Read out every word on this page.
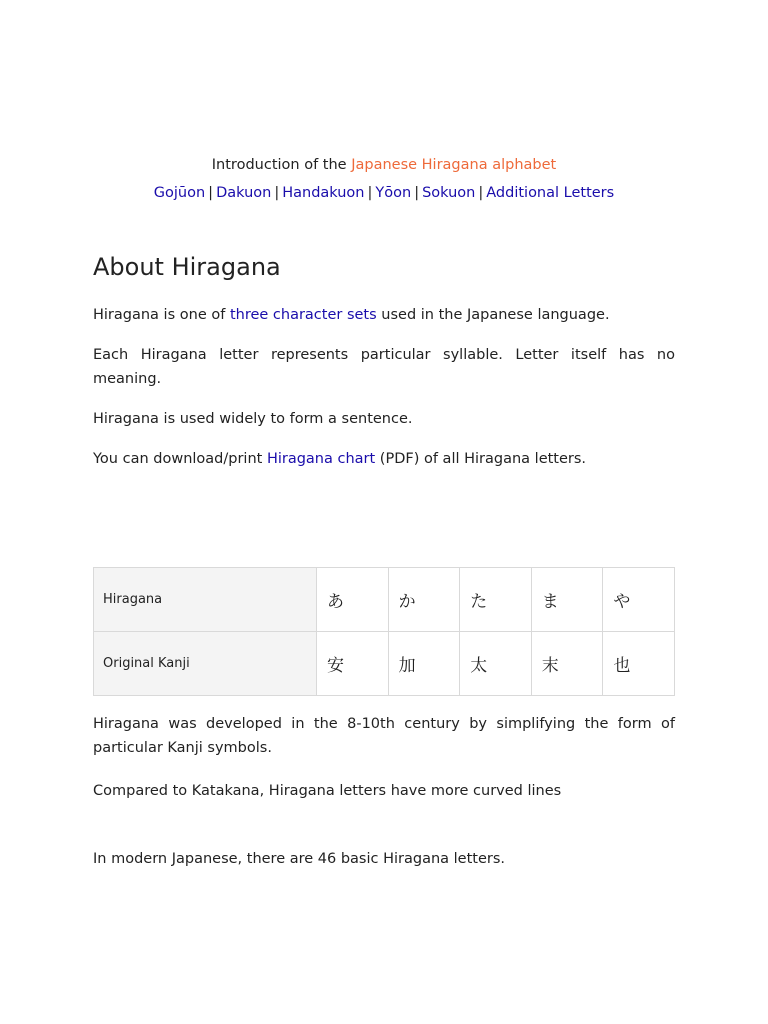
Introduction of the Japanese Hiragana alphabet
Gojūon | Dakuon | Handakuon | Yōon | Sokuon | Additional Letters
About Hiragana

Hiragana is one of three character sets used in the Japanese language.

Each Hiragana letter represents particular syllable. Letter itself has no meaning.

Hiragana is used widely to form a sentence.

You can download/print Hiragana chart (PDF) of all Hiragana letters.

Hiragana	あ	か	た	ま	や
Original Kanji	安	加	太	末	也

Hiragana was developed in the 8-10th century by simplifying the form of particular Kanji symbols.

Compared to Katakana, Hiragana letters have more curved lines

In modern Japanese, there are 46 basic Hiragana letters.
